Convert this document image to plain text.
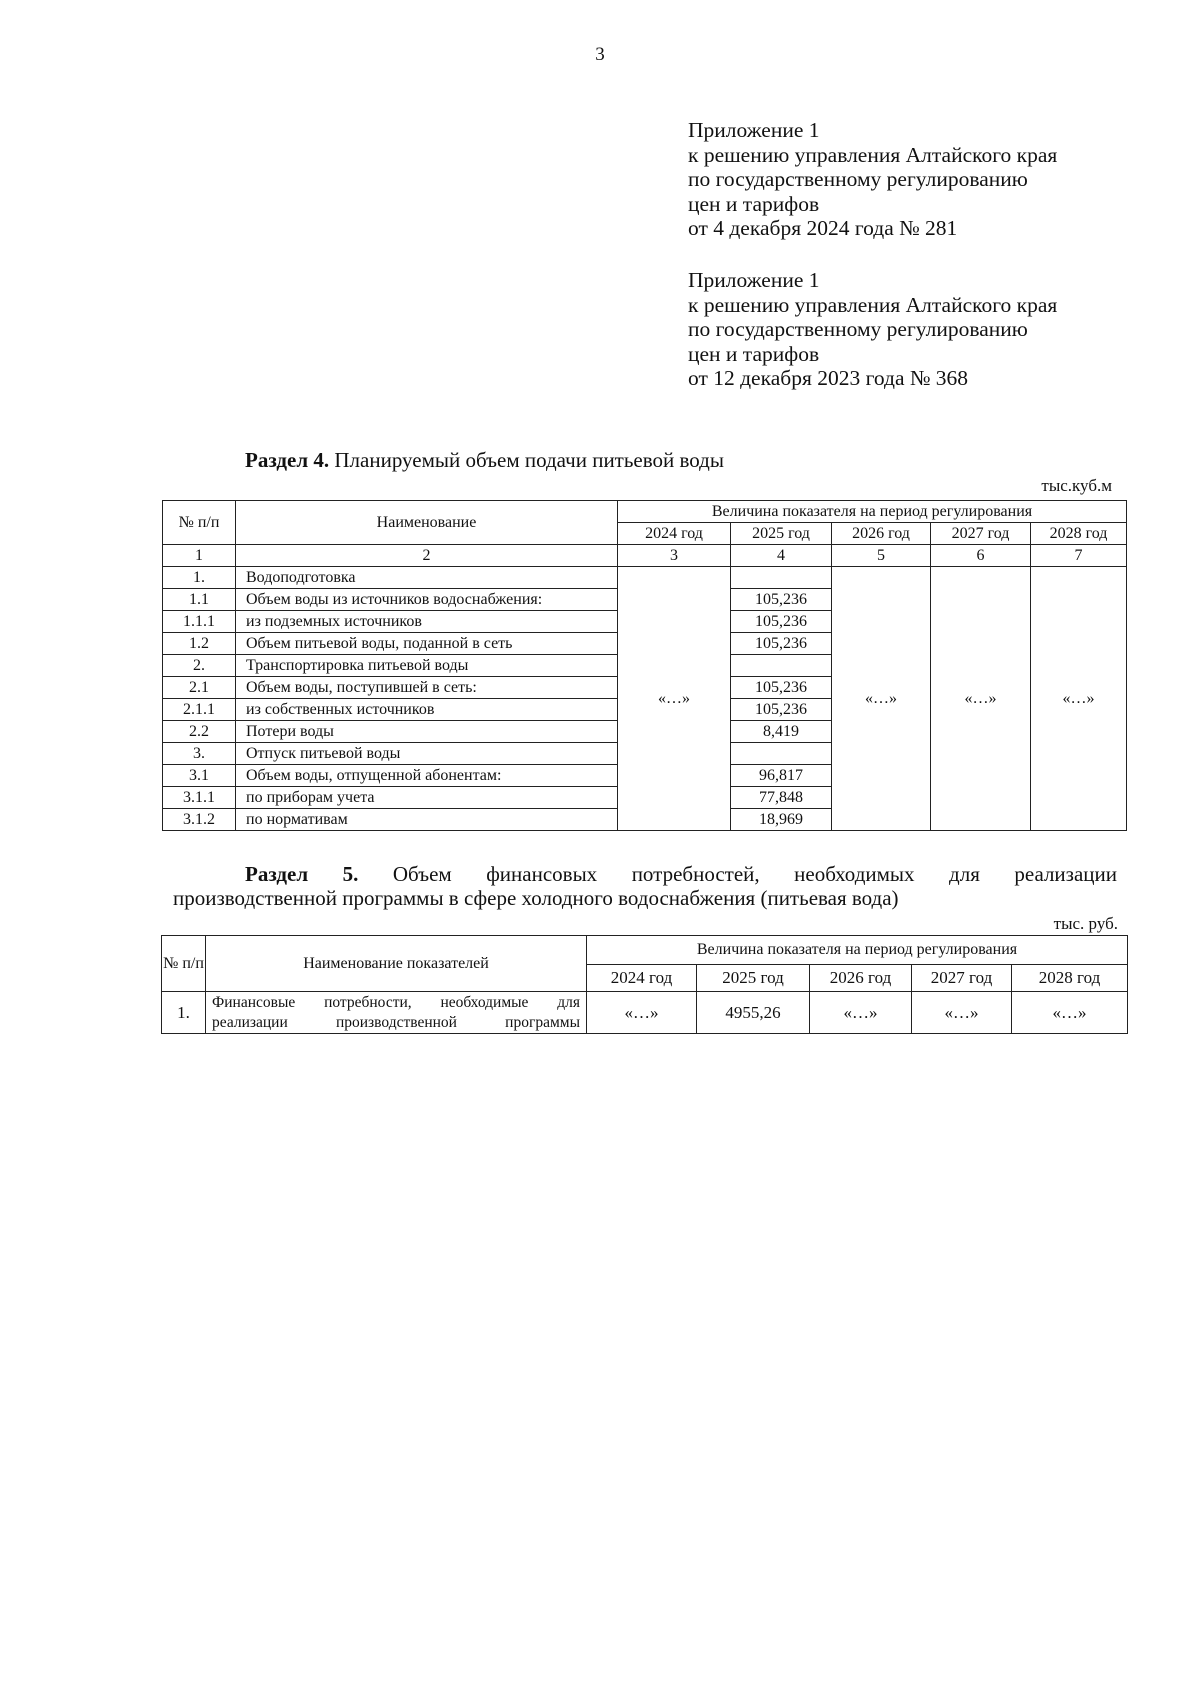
3
Приложение 1
к решению управления Алтайского края
по государственному регулированию
цен и тарифов
от 4 декабря 2024 года № 281
Приложение 1
к решению управления Алтайского края
по государственному регулированию
цен и тарифов
от 12 декабря 2023 года № 368
Раздел 4. Планируемый объем подачи питьевой воды
тыс.куб.м
№ п/п	Наименование	Величина показателя на период регулирования				
		2024 год	2025 год	2026 год	2027 год	2028 год
1	2	3	4	5	6	7
1.	Водоподготовка	«…»		«…»	«…»	«…»
1.1	Объем воды из источников водоснабжения:		105,236			
1.1.1	из подземных источников		105,236			
1.2	Объем питьевой воды, поданной в сеть		105,236			
2.	Транспортировка питьевой воды					
2.1	Объем воды, поступившей в сеть:		105,236			
2.1.1	из собственных источников		105,236			
2.2	Потери воды		8,419			
3.	Отпуск питьевой воды					
3.1	Объем воды, отпущенной абонентам:		96,817			
3.1.1	по приборам учета		77,848			
3.1.2	по нормативам		18,969			
Раздел 5. Объем финансовых потребностей, необходимых для реализации
производственной программы в сфере холодного водоснабжения (питьевая вода)
тыс. руб.
№ п/п	Наименование показателей	Величина показателя на период регулирования				
		2024 год	2025 год	2026 год	2027 год	2028 год
1.	Финансовые потребности, необходимые для
реализации производственной программы	«…»	4955,26	«…»	«…»	«…»
